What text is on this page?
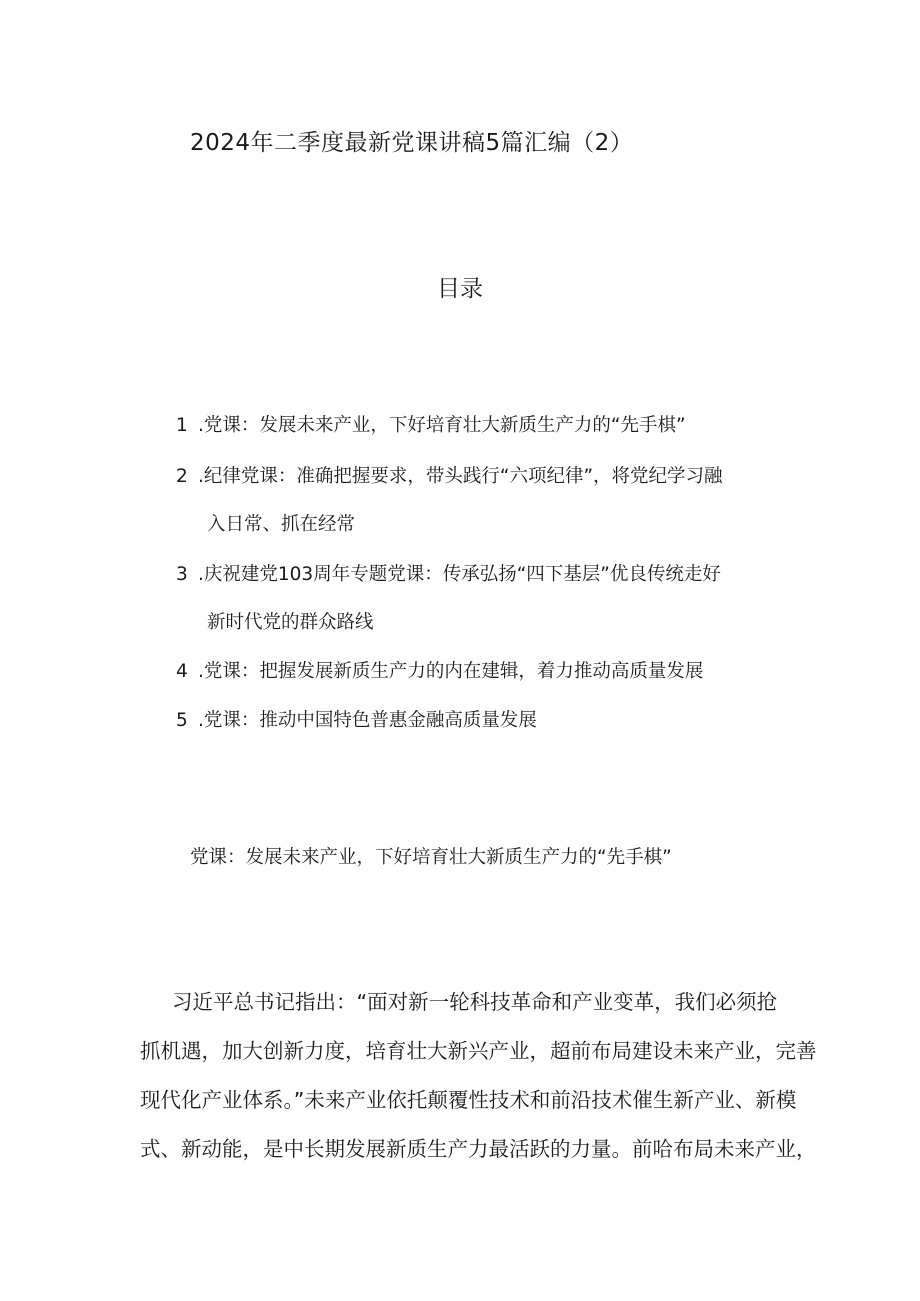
2024年二季度最新党课讲稿5篇汇编（2）
目录
1 .党课：发展未来产业，下好培育壮大新质生产力的“先手棋”
2 .纪律党课：准确把握要求，带头践行“六项纪律”，将党纪学习融
入日常、抓在经常
3 .庆祝建党103周年专题党课：传承弘扬“四下基层”优良传统走好
新时代党的群众路线
4 .党课：把握发展新质生产力的内在建辑，着力推动高质量发展
5 .党课：推动中国特色普惠金融高质量发展
党课：发展未来产业，下好培育壮大新质生产力的“先手棋”
习近平总书记指出：“面对新一轮科技革命和产业变革，我们必须抢
抓机遇，加大创新力度，培育壮大新兴产业，超前布局建设未来产业，完善
现代化产业体系。”未来产业依托颠覆性技术和前沿技术催生新产业、新模
式、新动能，是中长期发展新质生产力最活跃的力量。前哈布局未来产业，
